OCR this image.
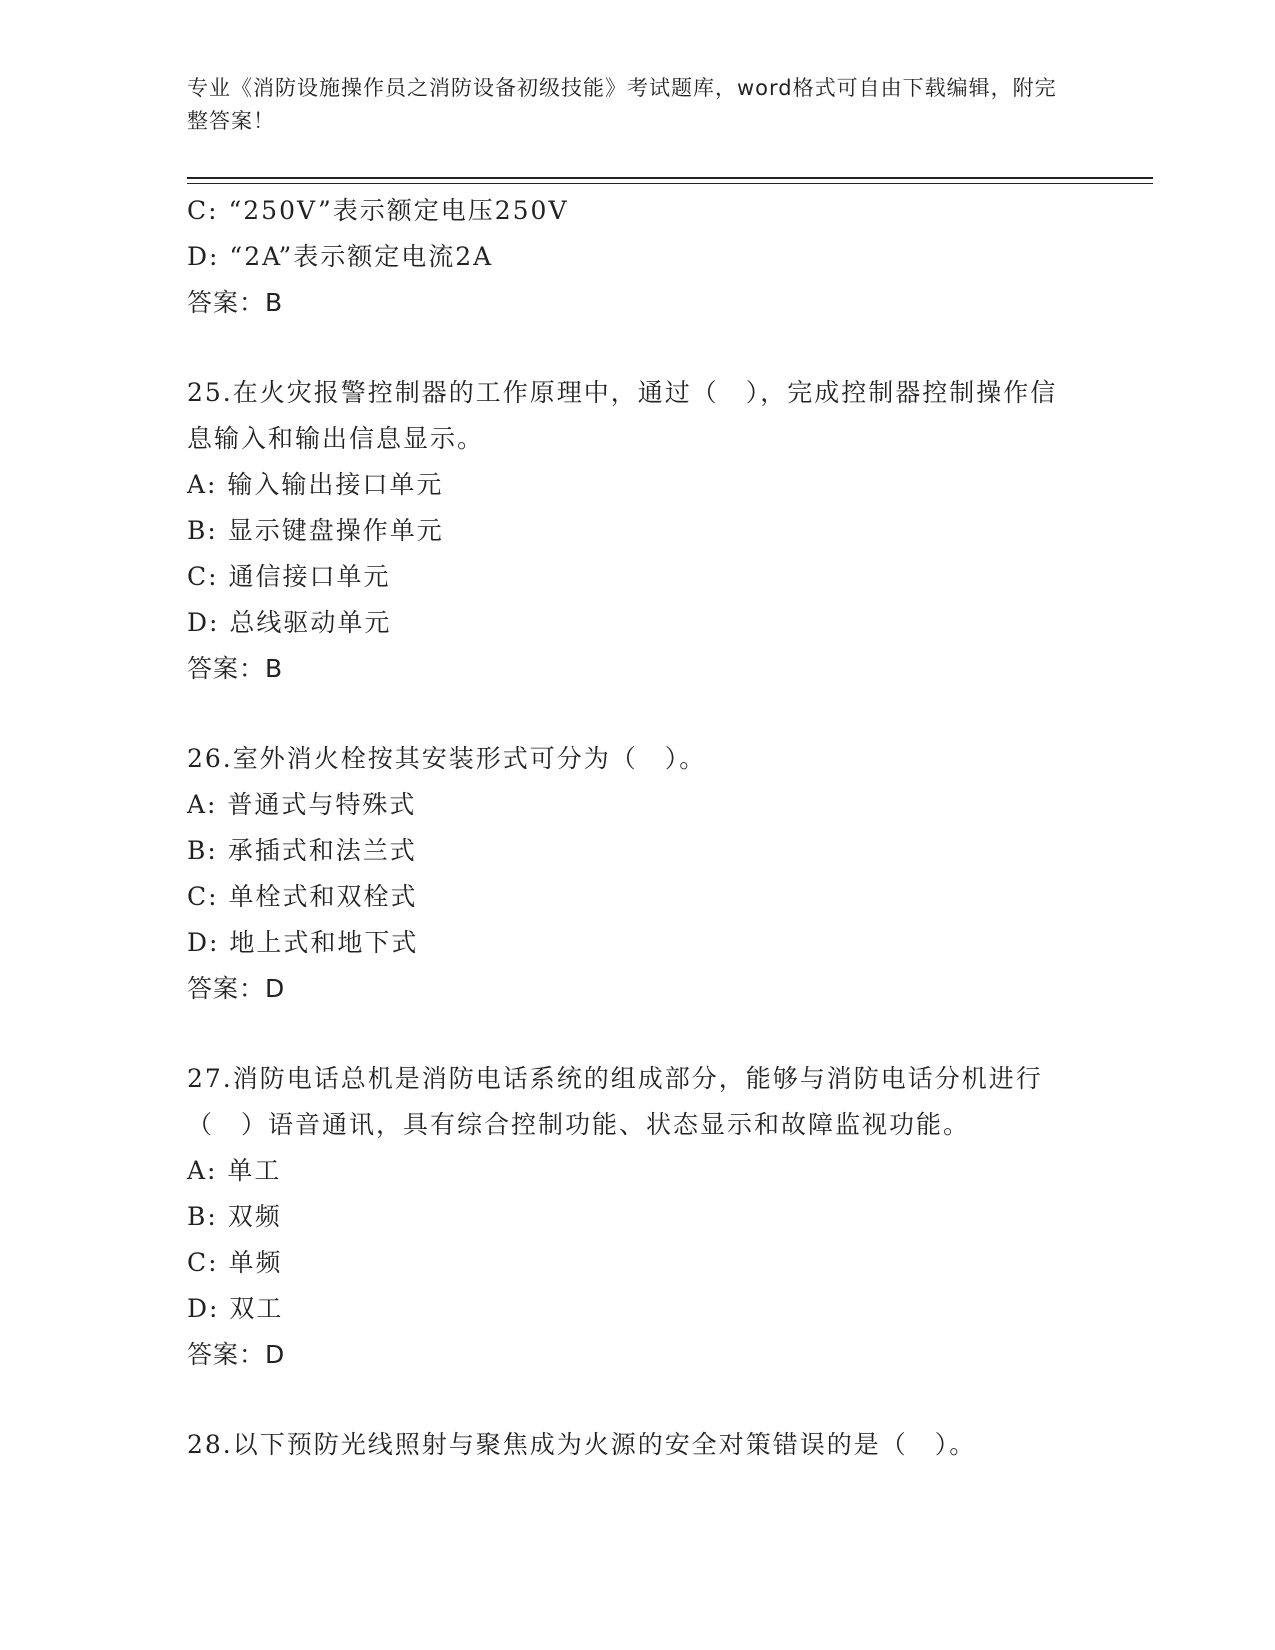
专业《消防设施操作员之消防设备初级技能》考试题库，word格式可自由下载编辑，附完整答案！
C: “250V”表示额定电压250V
D: “2A”表示额定电流2A
答案：B
25.在火灾报警控制器的工作原理中，通过（　），完成控制器控制操作信息输入和输出信息显示。
A: 输入输出接口单元
B: 显示键盘操作单元
C: 通信接口单元
D: 总线驱动单元
答案：B
26.室外消火栓按其安装形式可分为（　）。
A: 普通式与特殊式
B: 承插式和法兰式
C: 单栓式和双栓式
D: 地上式和地下式
答案：D
27.消防电话总机是消防电话系统的组成部分，能够与消防电话分机进行（　）语音通讯，具有综合控制功能、状态显示和故障监视功能。
A: 单工
B: 双频
C: 单频
D: 双工
答案：D
28.以下预防光线照射与聚焦成为火源的安全对策错误的是（　）。
